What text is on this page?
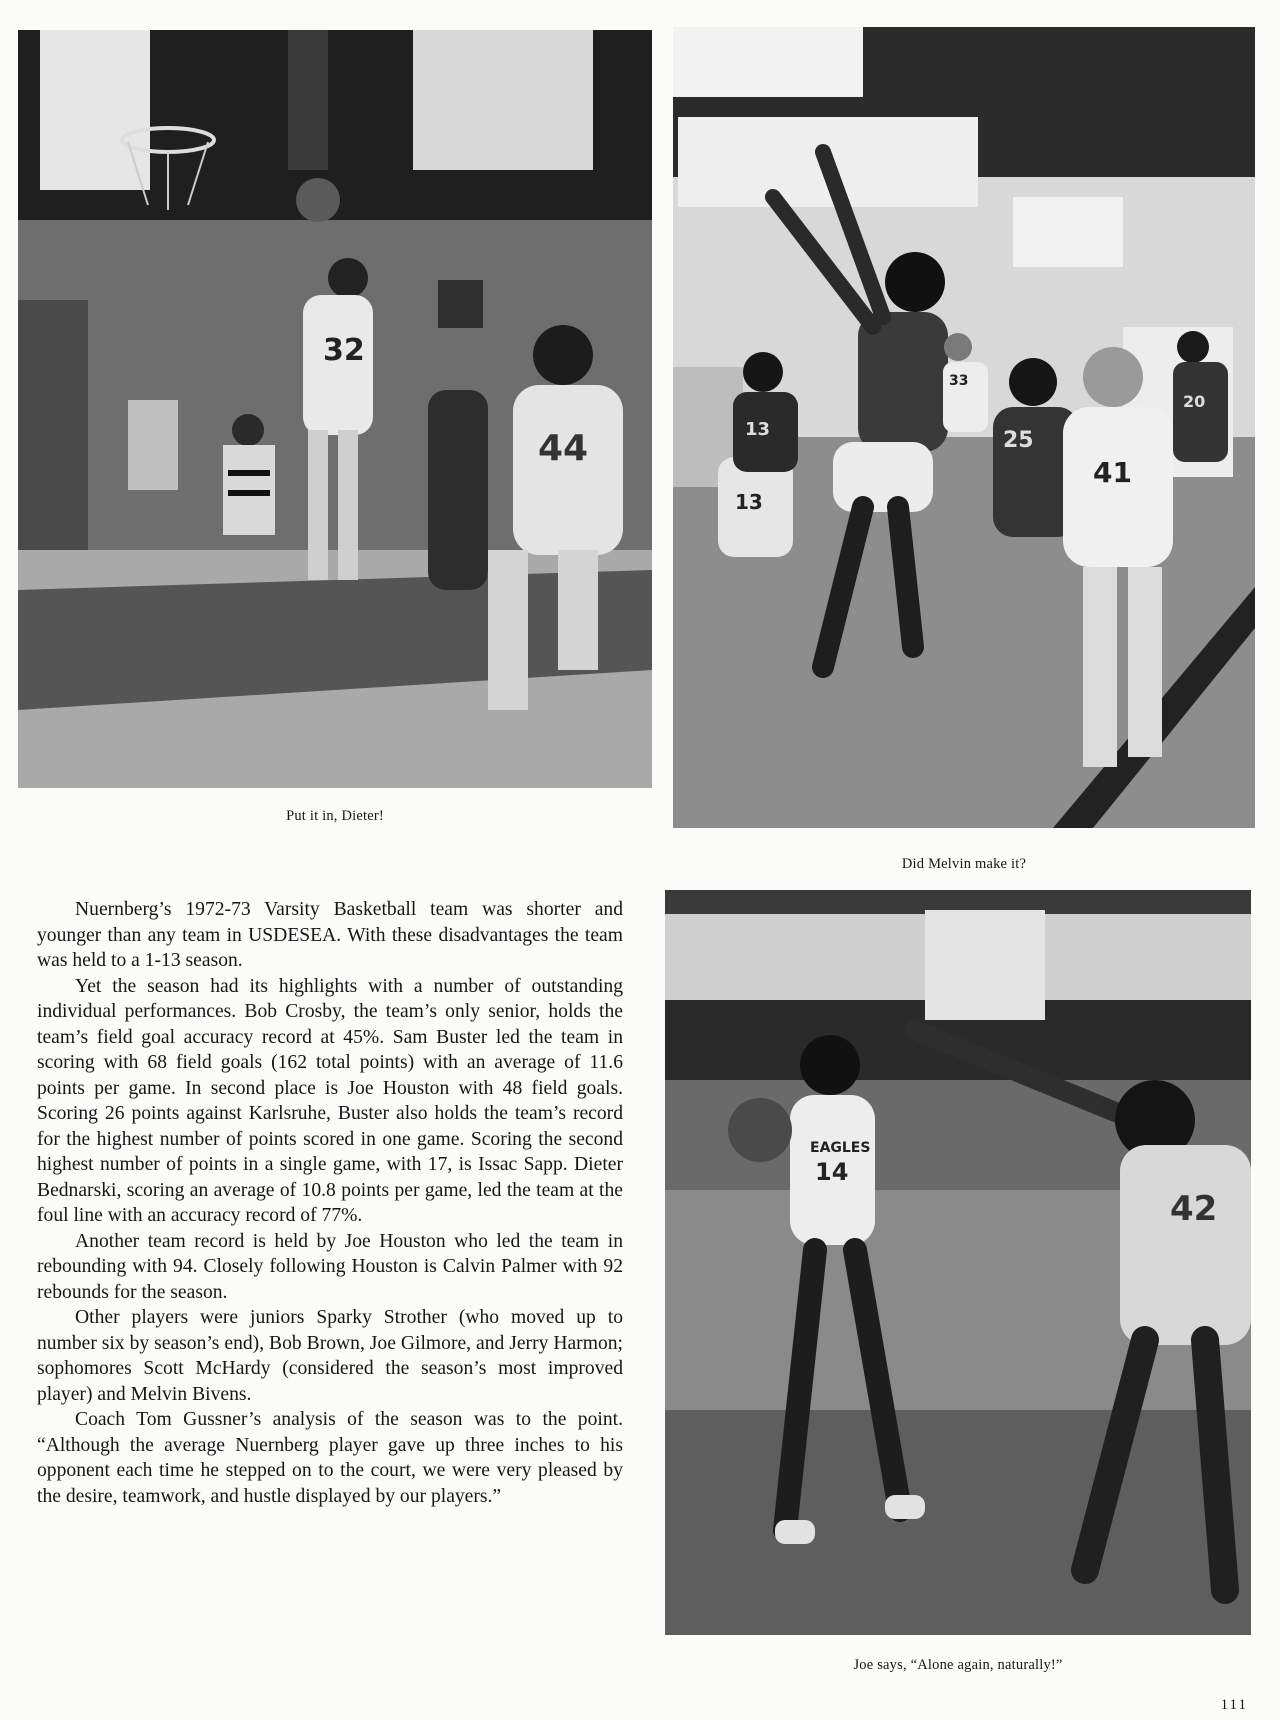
32
44

Put it in, Dieter!

13
13
33
25
41
20

Did Melvin make it?

Nuernberg’s 1972-73 Varsity Basketball team was shorter and younger than any team in USDESEA. With these disadvantages the team was held to a 1-13 season.

Yet the season had its highlights with a number of outstanding individual performances. Bob Crosby, the team’s only senior, holds the team’s field goal accuracy record at 45%. Sam Buster led the team in scoring with 68 field goals (162 total points) with an average of 11.6 points per game. In second place is Joe Houston with 48 field goals. Scoring 26 points against Karlsruhe, Buster also holds the team’s record for the highest number of points scored in one game. Scoring the second highest number of points in a single game, with 17, is Issac Sapp. Dieter Bednarski, scoring an average of 10.8 points per game, led the team at the foul line with an accuracy record of 77%.

Another team record is held by Joe Houston who led the team in rebounding with 94. Closely following Houston is Calvin Palmer with 92 rebounds for the season.

Other players were juniors Sparky Strother (who moved up to number six by season’s end), Bob Brown, Joe Gilmore, and Jerry Harmon; sophomores Scott McHardy (considered the season’s most improved player) and Melvin Bivens.

Coach Tom Gussner’s analysis of the season was to the point. “Although the average Nuernberg player gave up three inches to his opponent each time he stepped on to the court, we were very pleased by the desire, teamwork, and hustle displayed by our players.”

14
42
EAGLES

Joe says, “Alone again, naturally!”

111
